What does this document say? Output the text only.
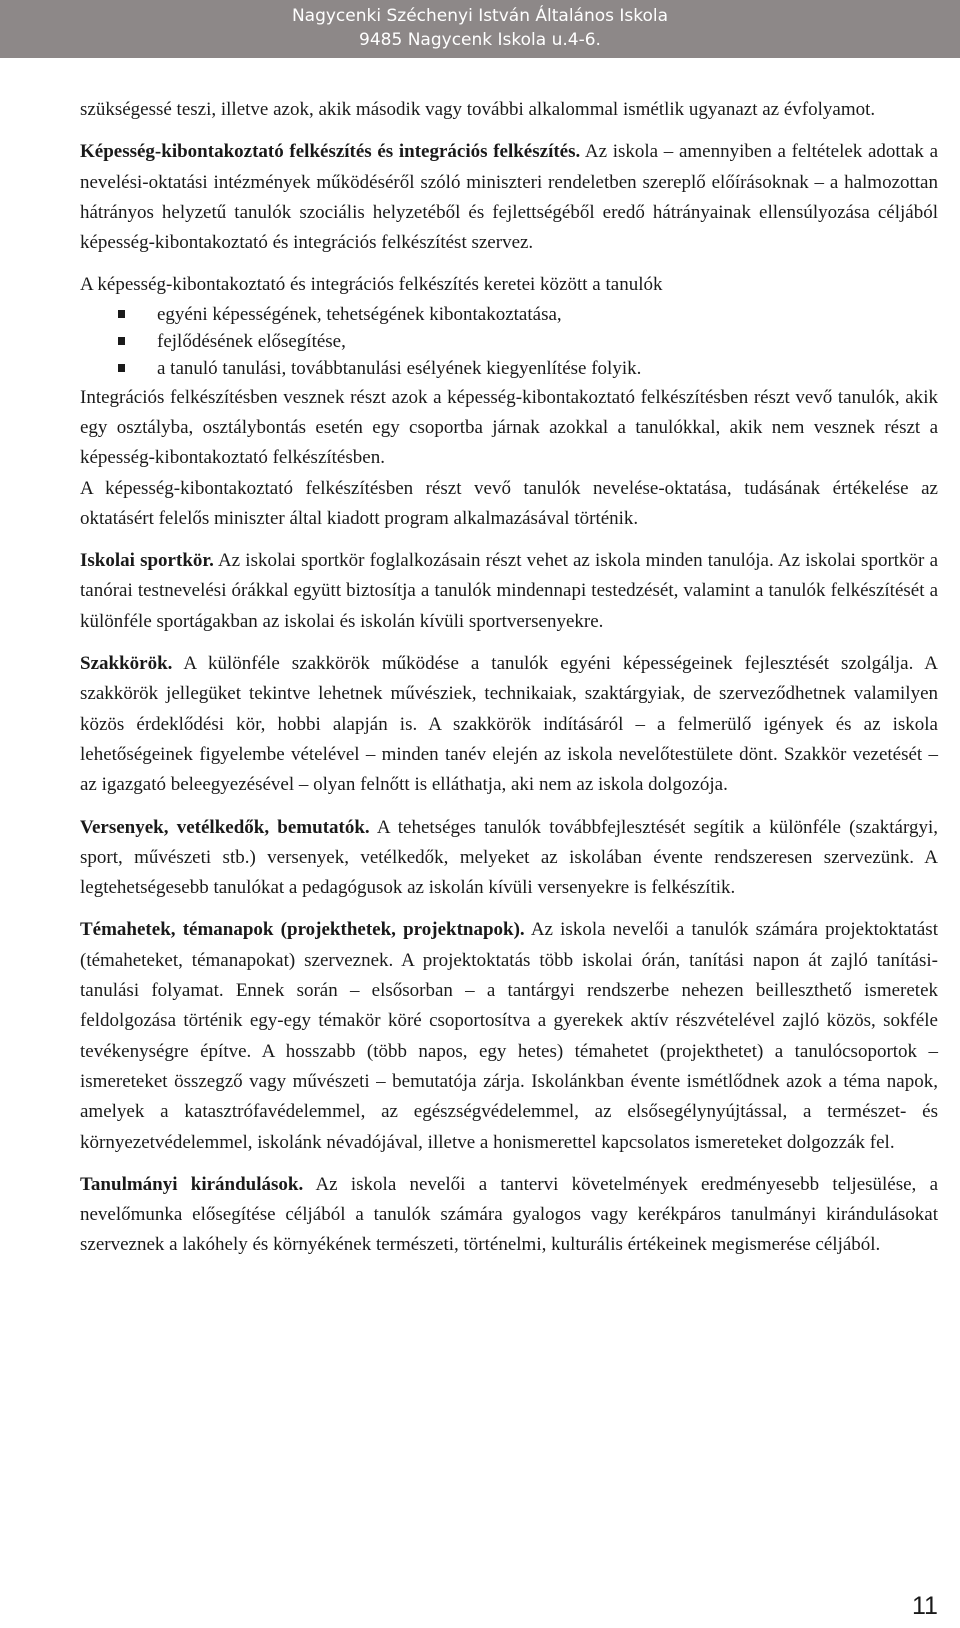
Nagycenki Széchenyi István Általános Iskola
9485 Nagycenk Iskola u.4-6.

szükségessé teszi, illetve azok, akik második vagy további alkalommal ismétlik ugyanazt az évfolyamot.

Képesség-kibontakoztató felkészítés és integrációs felkészítés. Az iskola – amennyiben a feltételek adottak a nevelési-oktatási intézmények működéséről szóló miniszteri rendeletben szereplő előírásoknak – a halmozottan hátrányos helyzetű tanulók szociális helyzetéből és fejlettségéből eredő hátrányainak ellensúlyozása céljából képesség-kibontakoztató és integrációs felkészítést szervez.

A képesség-kibontakoztató és integrációs felkészítés keretei között a tanulók

egyéni képességének, tehetségének kibontakoztatása,
fejlődésének elősegítése,
a tanuló tanulási, továbbtanulási esélyének kiegyenlítése folyik.

Integrációs felkészítésben vesznek részt azok a képesség-kibontakoztató felkészítésben részt vevő tanulók, akik egy osztályba, osztálybontás esetén egy csoportba járnak azokkal a tanulókkal, akik nem vesznek részt a képesség-kibontakoztató felkészítésben.

A képesség-kibontakoztató felkészítésben részt vevő tanulók nevelése-oktatása, tudásának értékelése az oktatásért felelős miniszter által kiadott program alkalmazásával történik.

Iskolai sportkör. Az iskolai sportkör foglalkozásain részt vehet az iskola minden tanulója. Az iskolai sportkör a tanórai testnevelési órákkal együtt biztosítja a tanulók mindennapi testedzését, valamint a tanulók felkészítését a különféle sportágakban az iskolai és iskolán kívüli sportversenyekre.

Szakkörök. A különféle szakkörök működése a tanulók egyéni képességeinek fejlesztését szolgálja. A szakkörök jellegüket tekintve lehetnek művésziek, technikaiak, szaktárgyiak, de szerveződhetnek valamilyen közös érdeklődési kör, hobbi alapján is. A szakkörök indításáról – a felmerülő igények és az iskola lehetőségeinek figyelembe vételével – minden tanév elején az iskola nevelőtestülete dönt. Szakkör vezetését – az igazgató beleegyezésével – olyan felnőtt is elláthatja, aki nem az iskola dolgozója.

Versenyek, vetélkedők, bemutatók. A tehetséges tanulók továbbfejlesztését segítik a különféle (szaktárgyi, sport, művészeti stb.) versenyek, vetélkedők, melyeket az iskolában évente rendszeresen szervezünk. A legtehetségesebb tanulókat a pedagógusok az iskolán kívüli versenyekre is felkészítik.

Témahetek, témanapok (projekthetek, projektnapok). Az iskola nevelői a tanulók számára projektoktatást (témaheteket, témanapokat) szerveznek. A projektoktatás több iskolai órán, tanítási napon át zajló tanítási-tanulási folyamat. Ennek során – elsősorban – a tantárgyi rendszerbe nehezen beilleszthető ismeretek feldolgozása történik egy-egy témakör köré csoportosítva a gyerekek aktív részvételével zajló közös, sokféle tevékenységre építve. A hosszabb (több napos, egy hetes) témahetet (projekthetet) a tanulócsoportok – ismereteket összegző vagy művészeti – bemutatója zárja. Iskolánkban évente ismétlődnek azok a téma napok, amelyek a katasztrófavédelemmel, az egészségvédelemmel, az elsősegélynyújtással, a természet- és környezetvédelemmel, iskolánk névadójával, illetve a honismerettel kapcsolatos ismereteket dolgozzák fel.

Tanulmányi kirándulások. Az iskola nevelői a tantervi követelmények eredményesebb teljesülése, a nevelőmunka elősegítése céljából a tanulók számára gyalogos vagy kerékpáros tanulmányi kirándulásokat szerveznek a lakóhely és környékének természeti, történelmi, kulturális értékeinek megismerése céljából.

11
